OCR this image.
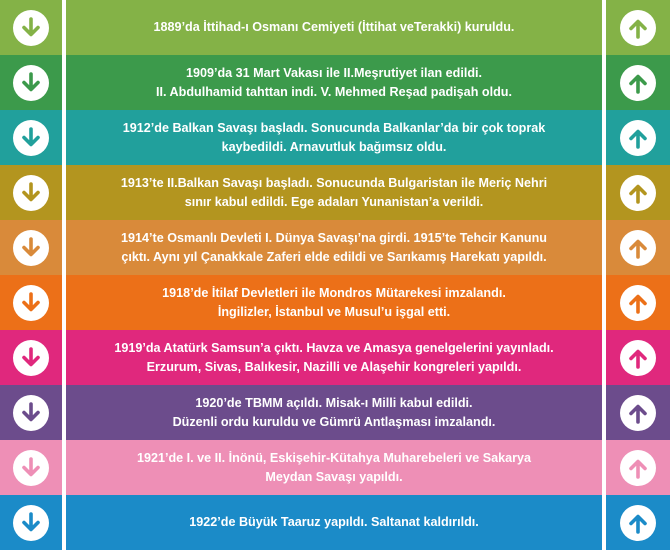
1889’da İttihad-ı Osmanı Cemiyeti (İttihat veTerakki) kuruldu.
1909’da 31 Mart Vakası ile II.Meşrutiyet ilan edildi.
II. Abdulhamid tahttan indi. V. Mehmed Reşad padişah oldu.
1912’de Balkan Savaşı başladı. Sonucunda Balkanlar’da bir çok toprak
kaybedildi. Arnavutluk bağımsız oldu.
1913’te II.Balkan Savaşı başladı. Sonucunda Bulgaristan ile Meriç Nehri
sınır kabul edildi. Ege adaları Yunanistan’a verildi.
1914’te Osmanlı Devleti I. Dünya Savaşı’na girdi. 1915’te Tehcir Kanunu
çıktı. Aynı yıl Çanakkale Zaferi elde edildi ve Sarıkamış Harekatı yapıldı.
1918’de İtilaf Devletleri ile Mondros Mütarekesi imzalandı.
İngilizler, İstanbul ve Musul’u işgal etti.
1919’da Atatürk Samsun’a çıktı. Havza ve Amasya genelgelerini yayınladı.
Erzurum, Sivas, Balıkesir, Nazilli ve Alaşehir kongreleri yapıldı.
1920’de TBMM açıldı. Misak-ı Milli kabul edildi.
Düzenli ordu kuruldu ve Gümrü Antlaşması imzalandı.
1921’de I. ve II. İnönü, Eskişehir-Kütahya Muharebeleri ve Sakarya
Meydan Savaşı yapıldı.
1922’de Büyük Taaruz yapıldı. Saltanat kaldırıldı.
